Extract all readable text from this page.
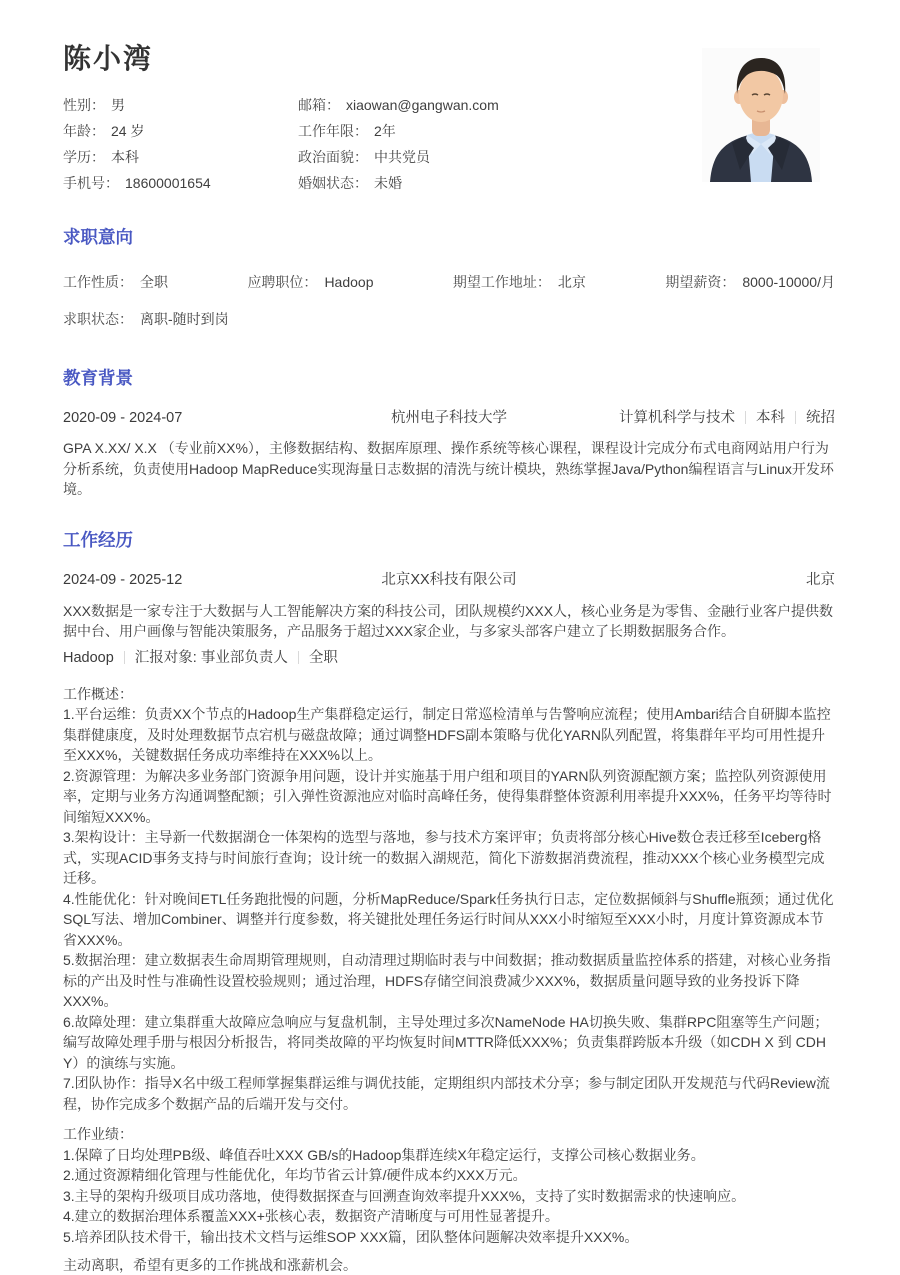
陈小湾
性别： 男	邮箱： xiaowan@gangwan.com
年龄： 24 岁	工作年限： 2年
学历： 本科	政治面貌： 中共党员
手机号： 18600001654	婚姻状态： 未婚
求职意向
工作性质： 全职	应聘职位： Hadoop	期望工作地址： 北京	期望薪资： 8000-10000/月
求职状态： 离职-随时到岗
教育背景
2020-09 - 2024-07	杭州电子科技大学	计算机科学与技术 本科 统招

GPA X.XX/ X.X （专业前XX%），主修数据结构、数据库原理、操作系统等核心课程，课程设计完成分布式电商网站用户行为分析系统，负责使用Hadoop MapReduce实现海量日志数据的清洗与统计模块，熟练掌握Java/Python编程语言与Linux开发环境。

工作经历
2024-09 - 2025-12	北京XX科技有限公司	北京

XXX数据是一家专注于大数据与人工智能解决方案的科技公司，团队规模约XXX人，核心业务是为零售、金融行业客户提供数据中台、用户画像与智能决策服务，产品服务于超过XXX家企业，与多家头部客户建立了长期数据服务合作。

Hadoop 汇报对象: 事业部负责人 全职
工作概述：
1.平台运维：负责XX个节点的Hadoop生产集群稳定运行，制定日常巡检清单与告警响应流程；使用Ambari结合自研脚本监控集群健康度，及时处理数据节点宕机与磁盘故障；通过调整HDFS副本策略与优化YARN队列配置，将集群年平均可用性提升至XXX%，关键数据任务成功率维持在XXX%以上。
2.资源管理：为解决多业务部门资源争用问题，设计并实施基于用户组和项目的YARN队列资源配额方案；监控队列资源使用率，定期与业务方沟通调整配额；引入弹性资源池应对临时高峰任务，使得集群整体资源利用率提升XXX%，任务平均等待时间缩短XXX%。
3.架构设计：主导新一代数据湖仓一体架构的选型与落地，参与技术方案评审；负责将部分核心Hive数仓表迁移至Iceberg格式，实现ACID事务支持与时间旅行查询；设计统一的数据入湖规范，简化下游数据消费流程，推动XXX个核心业务模型完成迁移。
4.性能优化：针对晚间ETL任务跑批慢的问题，分析MapReduce/Spark任务执行日志，定位数据倾斜与Shuffle瓶颈；通过优化SQL写法、增加Combiner、调整并行度参数，将关键批处理任务运行时间从XXX小时缩短至XXX小时，月度计算资源成本节省XXX%。
5.数据治理：建立数据表生命周期管理规则，自动清理过期临时表与中间数据；推动数据质量监控体系的搭建，对核心业务指标的产出及时性与准确性设置校验规则；通过治理，HDFS存储空间浪费减少XXX%，数据质量问题导致的业务投诉下降XXX%。
6.故障处理：建立集群重大故障应急响应与复盘机制，主导处理过多次NameNode HA切换失败、集群RPC阻塞等生产问题；编写故障处理手册与根因分析报告，将同类故障的平均恢复时间MTTR降低XXX%；负责集群跨版本升级（如CDH X 到 CDH Y）的演练与实施。
7.团队协作：指导X名中级工程师掌握集群运维与调优技能，定期组织内部技术分享；参与制定团队开发规范与代码Review流程，协作完成多个数据产品的后端开发与交付。
工作业绩：
1.保障了日均处理PB级、峰值吞吐XXX GB/s的Hadoop集群连续X年稳定运行，支撑公司核心数据业务。
2.通过资源精细化管理与性能优化，年均节省云计算/硬件成本约XXX万元。
3.主导的架构升级项目成功落地，使得数据探查与回溯查询效率提升XXX%，支持了实时数据需求的快速响应。
4.建立的数据治理体系覆盖XXX+张核心表，数据资产清晰度与可用性显著提升。
5.培养团队技术骨干，输出技术文档与运维SOP XXX篇，团队整体问题解决效率提升XXX%。

主动离职，希望有更多的工作挑战和涨薪机会。
